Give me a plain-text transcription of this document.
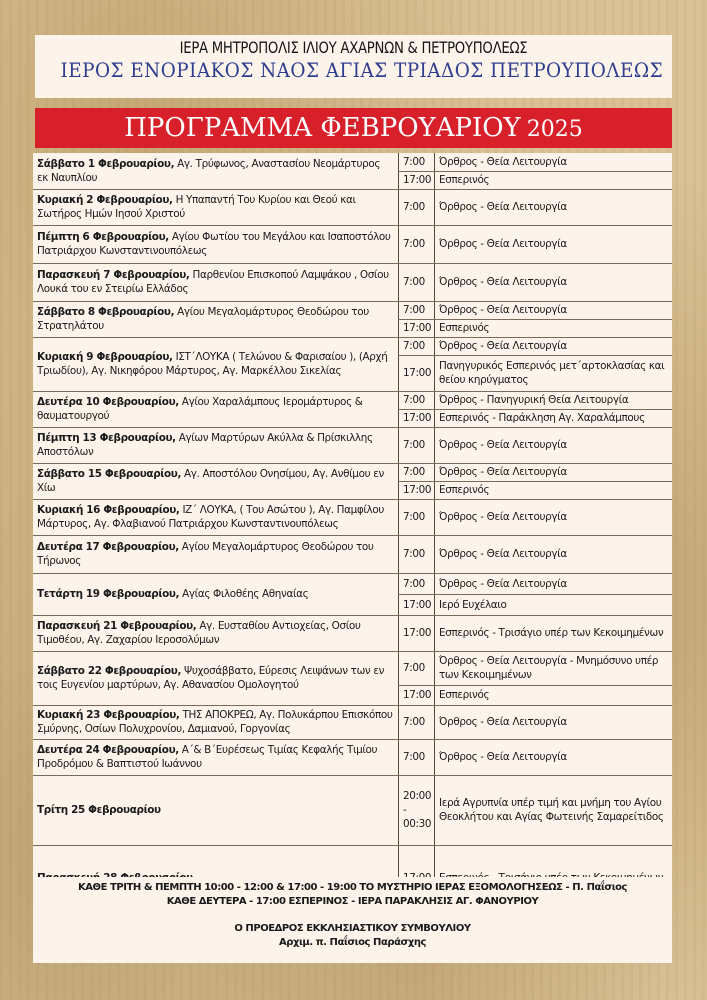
ΙΕΡΑ ΜΗΤΡΟΠΟΛΙΣ ΙΛΙΟΥ ΑΧΑΡΝΩΝ & ΠΕΤΡΟΥΠΟΛΕΩΣ
ΙΕΡΟΣ ΕΝΟΡΙΑΚΟΣ ΝΑΟΣ ΑΓΙΑΣ ΤΡΙΑΔΟΣ ΠΕΤΡΟΥΠΟΛΕΩΣ
ΠΡΟΓΡΑΜΜΑ ΦΕΒΡΟΥΑΡΙΟΥ 2025
Σάββατο 1 Φεβρουαρίου, Αγ. Τρύφωνος, Αναστασίου Νεομάρτυρος εκ Ναυπλίου	7:00	Όρθρος - Θεία Λειτουργία
	17:00	Εσπερινός
Κυριακή 2 Φεβρουαρίου, Η Υπαπαντή Του Κυρίου και Θεού και Σωτήρος Ημών Ιησού Χριστού	7:00	Όρθρος - Θεία Λειτουργία
Πέμπτη 6 Φεβρουαρίου, Αγίου Φωτίου του Μεγάλου και Ισαποστόλου Πατριάρχου Κωνσταντινουπόλεως	7:00	Όρθρος - Θεία Λειτουργία
Παρασκευή 7 Φεβρουαρίου, Παρθενίου Επισκοπού Λαμψάκου , Οσίου Λουκά του εν Στειρίω Ελλάδος	7:00	Όρθρος - Θεία Λειτουργία
Σάββατο 8 Φεβρουαρίου, Αγίου Μεγαλομάρτυρος Θεοδώρου του Στρατηλάτου	7:00	Όρθρος - Θεία Λειτουργία
	17:00	Εσπερινός
Κυριακή 9 Φεβρουαρίου, ΙΣΤ΄ΛΟΥΚΑ ( Τελώνου & Φαρισαίου ), (Αρχή Τριωδίου), Αγ. Νικηφόρου Μάρτυρος, Αγ. Μαρκέλλου Σικελίας	7:00	Όρθρος - Θεία Λειτουργία
	17:00	Πανηγυρικός Εσπερινός μετ΄αρτοκλασίας και θείου κηρύγματος
Δευτέρα 10 Φεβρουαρίου, Αγίου Χαραλάμπους Ιερομάρτυρος & θαυματουργού	7:00	Όρθρος - Πανηγυρική Θεία Λειτουργία
	17:00	Εσπερινός - Παράκληση Αγ. Χαραλάμπους
Πέμπτη 13 Φεβρουαρίου, Αγίων Μαρτύρων Ακύλλα & Πρίσκιλλης Αποστόλων	7:00	Όρθρος - Θεία Λειτουργία
Σάββατο 15 Φεβρουαρίου, Αγ. Αποστόλου Ονησίμου, Αγ. Ανθίμου εν Χίω	7:00	Όρθρος - Θεία Λειτουργία
	17:00	Εσπερινός
Κυριακή 16 Φεβρουαρίου, ΙΖ΄ ΛΟΥΚΑ, ( Του Ασώτου ), Αγ. Παμφίλου Μάρτυρος, Αγ. Φλαβιανού Πατριάρχου Κωνσταντινουπόλεως	7:00	Όρθρος - Θεία Λειτουργία
Δευτέρα 17 Φεβρουαρίου, Αγίου Μεγαλομάρτυρος Θεοδώρου του Τήρωνος	7:00	Όρθρος - Θεία Λειτουργία
Τετάρτη 19 Φεβρουαρίου, Αγίας Φιλοθέης Αθηναίας	7:00	Όρθρος - Θεία Λειτουργία
	17:00	Ιερό Ευχέλαιο
Παρασκευή 21 Φεβρουαρίου, Αγ. Ευσταθίου Αντιοχείας, Οσίου Τιμοθέου, Αγ. Ζαχαρίου Ιεροσολύμων	17:00	Εσπερινός - Τρισάγιο υπέρ των Κεκοιμημένων
Σάββατο 22 Φεβρουαρίου, Ψυχοσάββατο, Εύρεσις Λειψάνων των εν τοις Ευγενίου μαρτύρων, Αγ. Αθανασίου Ομολογητού	7:00	Όρθρος - Θεία Λειτουργία - Μνημόσυνο υπέρ των Κεκοιμημένων
	17:00	Εσπερινός
Κυριακή 23 Φεβρουαρίου, ΤΗΣ ΑΠΟΚΡΕΩ, Αγ. Πολυκάρπου Επισκόπου Σμύρνης, Οσίων Πολυχρονίου, Δαμιανού, Γοργονίας	7:00	Όρθρος - Θεία Λειτουργία
Δευτέρα 24 Φεβρουαρίου, Α΄& Β΄Ευρέσεως Τιμίας Κεφαλής Τιμίου Προδρόμου & Βαπτιστού Ιωάννου	7:00	Όρθρος - Θεία Λειτουργία
Τρίτη 25 Φεβρουαρίου	20:00 - 00:30	Ιερά Αγρυπνία υπέρ τιμή και μνήμη του Αγίου Θεοκλήτου και Αγίας Φωτεινής Σαμαρείτιδος

ΚΑΘΕ ΤΡΙΤΗ & ΠΕΜΠΤΗ 10:00 - 12:00 & 17:00 - 19:00 ΤΟ ΜΥΣΤΗΡΙΟ ΙΕΡΑΣ ΕΞΟΜΟΛΟΓΗΣΕΩΣ - Π. Παΐσιος
ΚΑΘΕ ΔΕΥΤΕΡΑ - 17:00 ΕΣΠΕΡΙΝΟΣ - ΙΕΡΑ ΠΑΡΑΚΛΗΣΙΣ ΑΓ. ΦΑΝΟΥΡΙΟΥ
Ο ΠΡΟΕΔΡΟΣ ΕΚΚΛΗΣΙΑΣΤΙΚΟΥ ΣΥΜΒΟΥΛΙΟΥ
Αρχιμ. π. Παΐσιος Παράσχης
